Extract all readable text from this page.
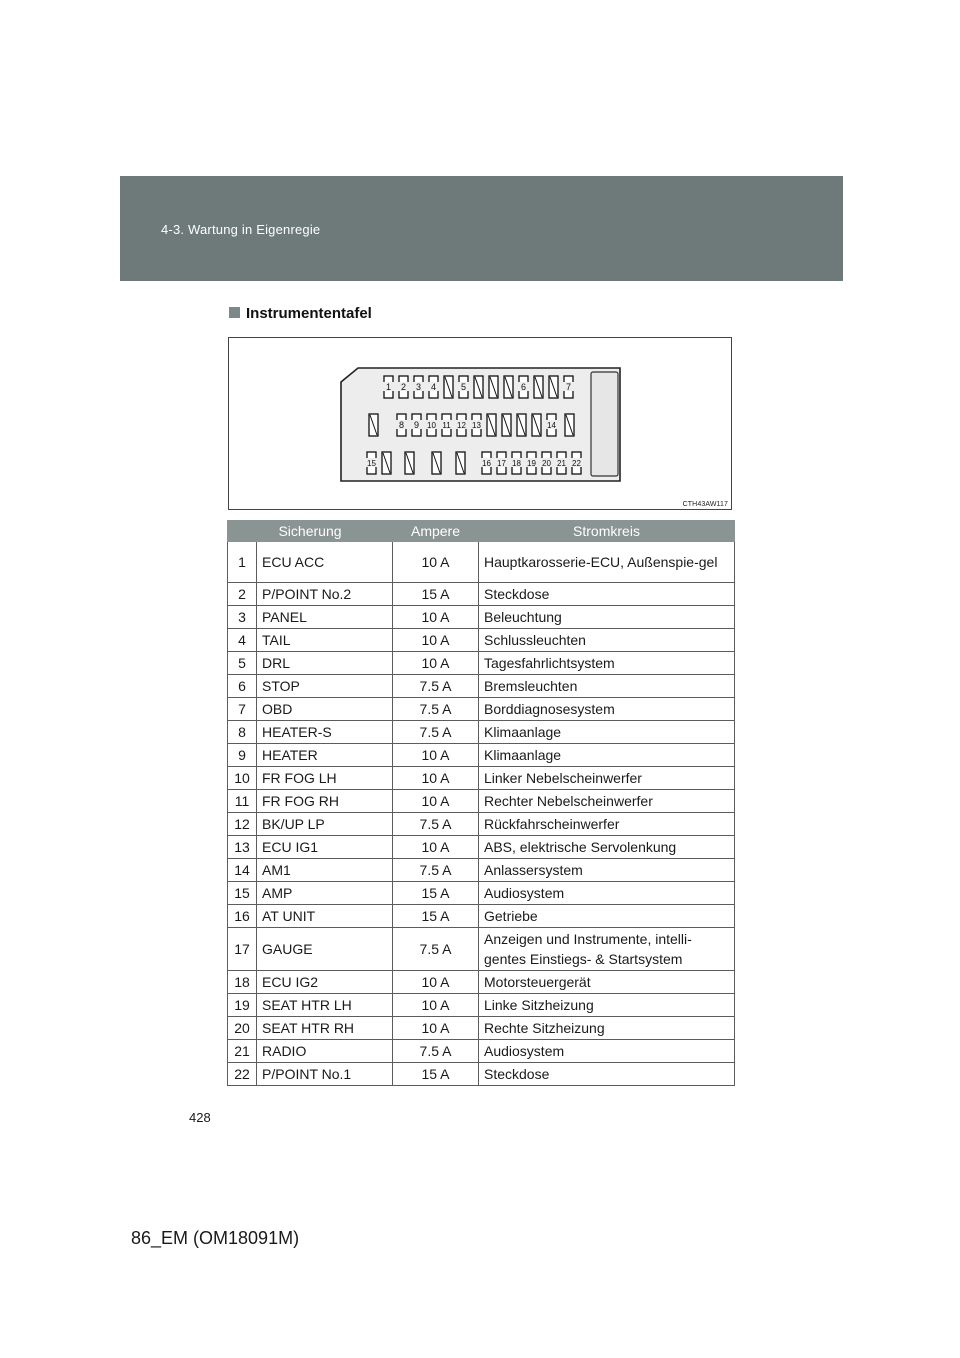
4-3. Wartung in Eigenregie
Instrumententafel
1 2 3 4	5	6	7
8 9 10 11 12 13	14
15	16 17 18 19 20 21 22
CTH43AW117
Sicherung		Ampere	Stromkreis
1	ECU ACC	10 A	Hauptkarosserie-ECU, Außenspie-gel
2	P/POINT No.2	15 A	Steckdose
3	PANEL	10 A	Beleuchtung
4	TAIL	10 A	Schlussleuchten
5	DRL	10 A	Tagesfahrlichtsystem
6	STOP	7.5 A	Bremsleuchten
7	OBD	7.5 A	Borddiagnosesystem
8	HEATER-S	7.5 A	Klimaanlage
9	HEATER	10 A	Klimaanlage
10	FR FOG LH	10 A	Linker Nebelscheinwerfer
11	FR FOG RH	10 A	Rechter Nebelscheinwerfer
12	BK/UP LP	7.5 A	Rückfahrscheinwerfer
13	ECU IG1	10 A	ABS, elektrische Servolenkung
14	AM1	7.5 A	Anlassersystem
15	AMP	15 A	Audiosystem
16	AT UNIT	15 A	Getriebe
17	GAUGE	7.5 A	Anzeigen und Instrumente, intelli-gentes Einstiegs- & Startsystem
18	ECU IG2	10 A	Motorsteuergerät
19	SEAT HTR LH	10 A	Linke Sitzheizung
20	SEAT HTR RH	10 A	Rechte Sitzheizung
21	RADIO	7.5 A	Audiosystem
22	P/POINT No.1	15 A	Steckdose
428
86_EM (OM18091M)
